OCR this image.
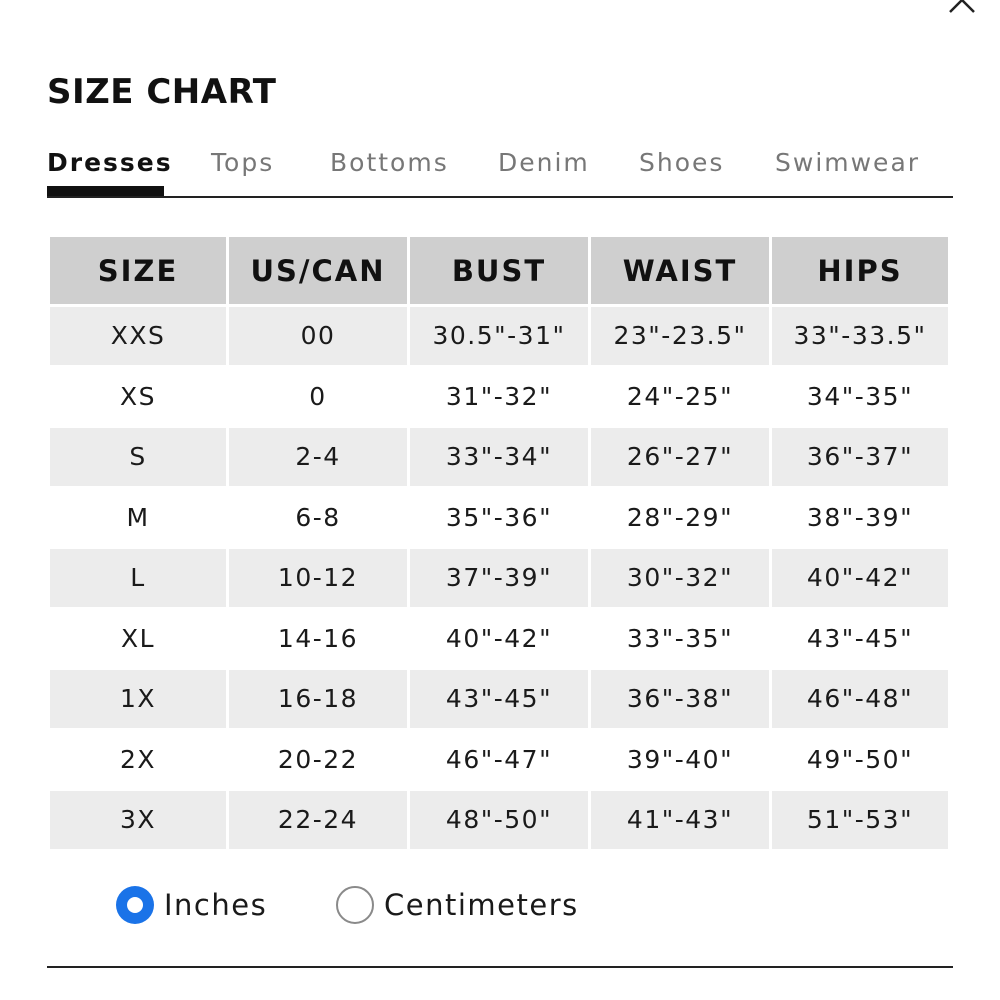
SIZE CHART
Dresses Tops Bottoms Denim Shoes Swimwear
SIZE	US/CAN	BUST	WAIST	HIPS
XXS	00	30.5"-31"	23"-23.5"	33"-33.5"
XS	0	31"-32"	24"-25"	34"-35"
S	2-4	33"-34"	26"-27"	36"-37"
M	6-8	35"-36"	28"-29"	38"-39"
L	10-12	37"-39"	30"-32"	40"-42"
XL	14-16	40"-42"	33"-35"	43"-45"
1X	16-18	43"-45"	36"-38"	46"-48"
2X	20-22	46"-47"	39"-40"	49"-50"
3X	22-24	48"-50"	41"-43"	51"-53"
Inches	Centimeters
